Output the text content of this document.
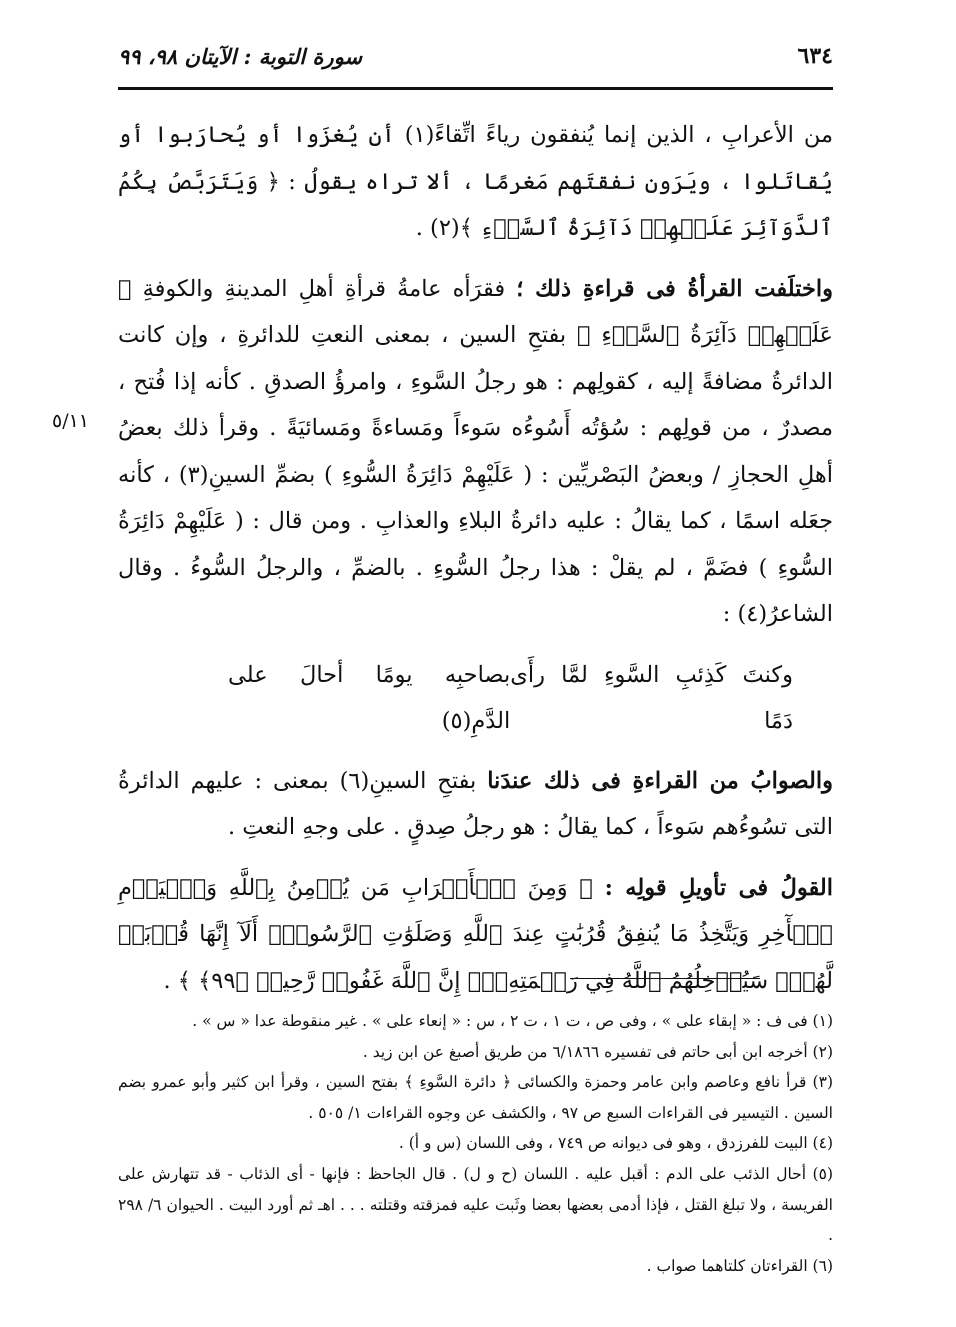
٦٣٤
سورة التوبة : الآيتان ٩٨، ٩٩
٥/١١

من الأعرابِ ، الذين إنما يُنفقون رياءً اتِّقاءً(١) أن يُغزَوا أو يُحارَبوا أو يُقاتَلوا ، ويَرَون نفقتَهم مَغرمًا ، ألا تراه يقولُ : ﴿ وَيَتَرَبَّصُ بِكُمُ ٱلدَّوَآئِرَ عَلَيۡهِمۡ دَآئِرَةُ ٱلسَّوۡءِ ﴾(٢) .

واختلَفت القرأةُ فى قراءةِ ذلك ؛ فقرَأه عامةُ قرأةِ أهلِ المدينةِ والكوفةِ ﴿ عَلَيۡهِمۡ دَآئِرَةُ ٱلسَّوۡءِ ﴾ بفتحِ السين ، بمعنى النعتِ للدائرةِ ، وإن كانت الدائرةُ مضافةً إليه ، كقولِهم : هو رجلُ السَّوءِ ، وامرؤُ الصدقِ . كأنه إذا فُتح ، مصدرٌ ، من قولِهم : سُؤتُه أَسُوءُه سَوءاً ومَساءةً ومَسائيَةً . وقرأ ذلك بعضُ أهلِ الحجازِ / وبعضُ البَصْريِّين : ( عَلَيْهِمْ دَائِرَةُ السُّوءِ ) بضمِّ السينِ(٣) ، كأنه جعَله اسمًا ، كما يقالُ : عليه دائرةُ البلاءِ والعذابِ . ومن قال : ( عَلَيْهِمْ دَائِرَةُ السُّوءِ ) فضَمَّ ، لم يقلْ : هذا رجلُ السُّوءِ . بالضمِّ ، والرجلُ السُّوءُ . وقال الشاعرُ(٤) :

وكنتَ كَذِئبِ السَّوءِ لمَّا رأَى دَمًا
بصاحبِه يومًا أحالَ على الدَّمِ(٥)

والصوابُ من القراءةِ فى ذلك عندَنا بفتحِ السينِ(٦) بمعنى : عليهم الدائرةُ التى تسُوءُهم سَوءاً ، كما يقالُ : هو رجلُ صِدقٍ . على وجهِ النعتِ .

القولُ فى تأويلِ قولِه : ﴿ وَمِنَ ٱلۡأَعۡرَابِ مَن يُؤۡمِنُ بِٱللَّهِ وَٱلۡيَوۡمِ ٱلۡأٓخِرِ وَيَتَّخِذُ مَا يُنفِقُ قُرُبَٰتٍ عِندَ ٱللَّهِ وَصَلَوَٰتِ ٱلرَّسُولِۚ أَلَآ إِنَّهَا قُرۡبَةٞ لَّهُمۡۚ سَيُدۡخِلُهُمُ ٱللَّهُ فِي رَحۡمَتِهِۦٓۚ إِنَّ ٱللَّهَ غَفُورٞ رَّحِيمٞ ﴿٩٩﴾ ﴾ .

(١) فى ف : « إبقاء على » ، وفى ص ، ت ١ ، ت ٢ ، س : « إنعاء على » . غير منقوطة عدا « س » .

(٢) أخرجه ابن أبى حاتم فى تفسيره ٦/١٨٦٦ من طريق أصبغ عن ابن زيد .

(٣) قرأ نافع وعاصم وابن عامر وحمزة والكسائى ﴿ دائرة السَّوءِ ﴾ بفتح السين ، وقرأ ابن كثير وأبو عمرو بضم السين . التيسير فى القراءات السبع ص ٩٧ ، والكشف عن وجوه القراءات ١/ ٥٠٥ .

(٤) البيت للفرزدق ، وهو فى ديوانه ص ٧٤٩ ، وفى اللسان (س و أ) .

(٥) أحال الذئب على الدم : أقبل عليه . اللسان (ح و ل) . قال الجاحظ : فإنها - أى الذئاب - قد تتهارش على الفريسة ، ولا تبلغ القتل ، فإذا أدمى بعضها بعضا وثَبت عليه فمزقته وقتلته . . . اهـ ثم أورد البيت . الحيوان ٦/ ٢٩٨ .

(٦) القراءتان كلتاهما صواب .
